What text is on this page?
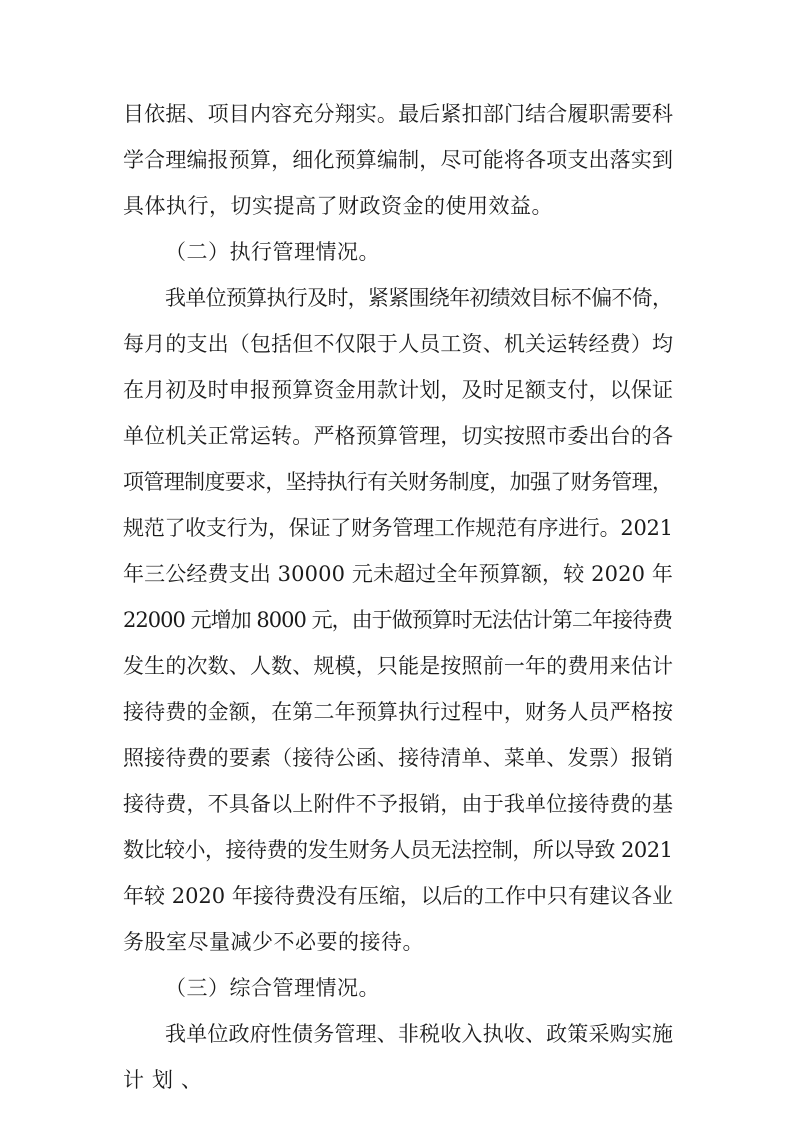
目依据、项目内容充分翔实。最后紧扣部门结合履职需要科
学合理编报预算，细化预算编制，尽可能将各项支出落实到
具体执行，切实提高了财政资金的使用效益。
（二）执行管理情况。
我单位预算执行及时，紧紧围绕年初绩效目标不偏不倚，
每月的支出（包括但不仅限于人员工资、机关运转经费）均
在月初及时申报预算资金用款计划，及时足额支付，以保证
单位机关正常运转。严格预算管理，切实按照市委出台的各
项管理制度要求，坚持执行有关财务制度，加强了财务管理，
规范了收支行为，保证了财务管理工作规范有序进行。2021
年三公经费支出 30000 元未超过全年预算额，较 2020 年
22000 元增加 8000 元，由于做预算时无法估计第二年接待费
发生的次数、人数、规模，只能是按照前一年的费用来估计
接待费的金额，在第二年预算执行过程中，财务人员严格按
照接待费的要素（接待公函、接待清单、菜单、发票）报销
接待费，不具备以上附件不予报销，由于我单位接待费的基
数比较小，接待费的发生财务人员无法控制，所以导致 2021
年较 2020 年接待费没有压缩，以后的工作中只有建议各业
务股室尽量减少不必要的接待。
（三）综合管理情况。
我单位政府性债务管理、非税收入执收、政策采购实施
计划、
